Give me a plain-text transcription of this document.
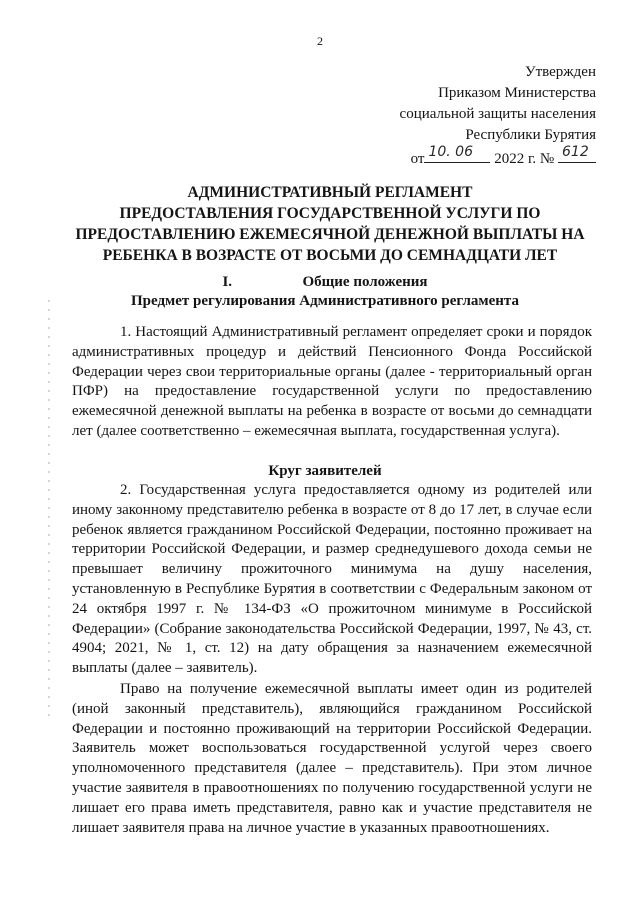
2
Утвержден
Приказом Министерства
социальной защиты населения
Республики Бурятия
от 10. 06 2022 г. № 612
АДМИНИСТРАТИВНЫЙ РЕГЛАМЕНТ
ПРЕДОСТАВЛЕНИЯ ГОСУДАРСТВЕННОЙ УСЛУГИ ПО
ПРЕДОСТАВЛЕНИЮ ЕЖЕМЕСЯЧНОЙ ДЕНЕЖНОЙ ВЫПЛАТЫ НА
РЕБЕНКА В ВОЗРАСТЕ ОТ ВОСЬМИ ДО СЕМНАДЦАТИ ЛЕТ
I.	Общие положения
Предмет регулирования Административного регламента

1. Настоящий Административный регламент определяет сроки и порядок административных процедур и действий Пенсионного Фонда Российской Федерации через свои территориальные органы (далее - территориальный орган ПФР) на предоставление государственной услуги по предоставлению ежемесячной денежной выплаты на ребенка в возрасте от восьми до семнадцати лет (далее соответственно – ежемесячная выплата, государственная услуга).

Круг заявителей

2. Государственная услуга предоставляется одному из родителей или иному законному представителю ребенка в возрасте от 8 до 17 лет, в случае если ребенок является гражданином Российской Федерации, постоянно проживает на территории Российской Федерации, и размер среднедушевого дохода семьи не превышает величину прожиточного минимума на душу населения, установленную в Республике Бурятия в соответствии с Федеральным законом от 24 октября 1997 г. № 134-ФЗ «О прожиточном минимуме в Российской Федерации» (Собрание законодательства Российской Федерации, 1997, № 43, ст. 4904; 2021, № 1, ст. 12) на дату обращения за назначением ежемесячной выплаты (далее – заявитель).

Право на получение ежемесячной выплаты имеет один из родителей (иной законный представитель), являющийся гражданином Российской Федерации и постоянно проживающий на территории Российской Федерации. Заявитель может воспользоваться государственной услугой через своего уполномоченного представителя (далее – представитель). При этом личное участие заявителя в правоотношениях по получению государственной услуги не лишает его права иметь представителя, равно как и участие представителя не лишает заявителя права на личное участие в указанных правоотношениях.
